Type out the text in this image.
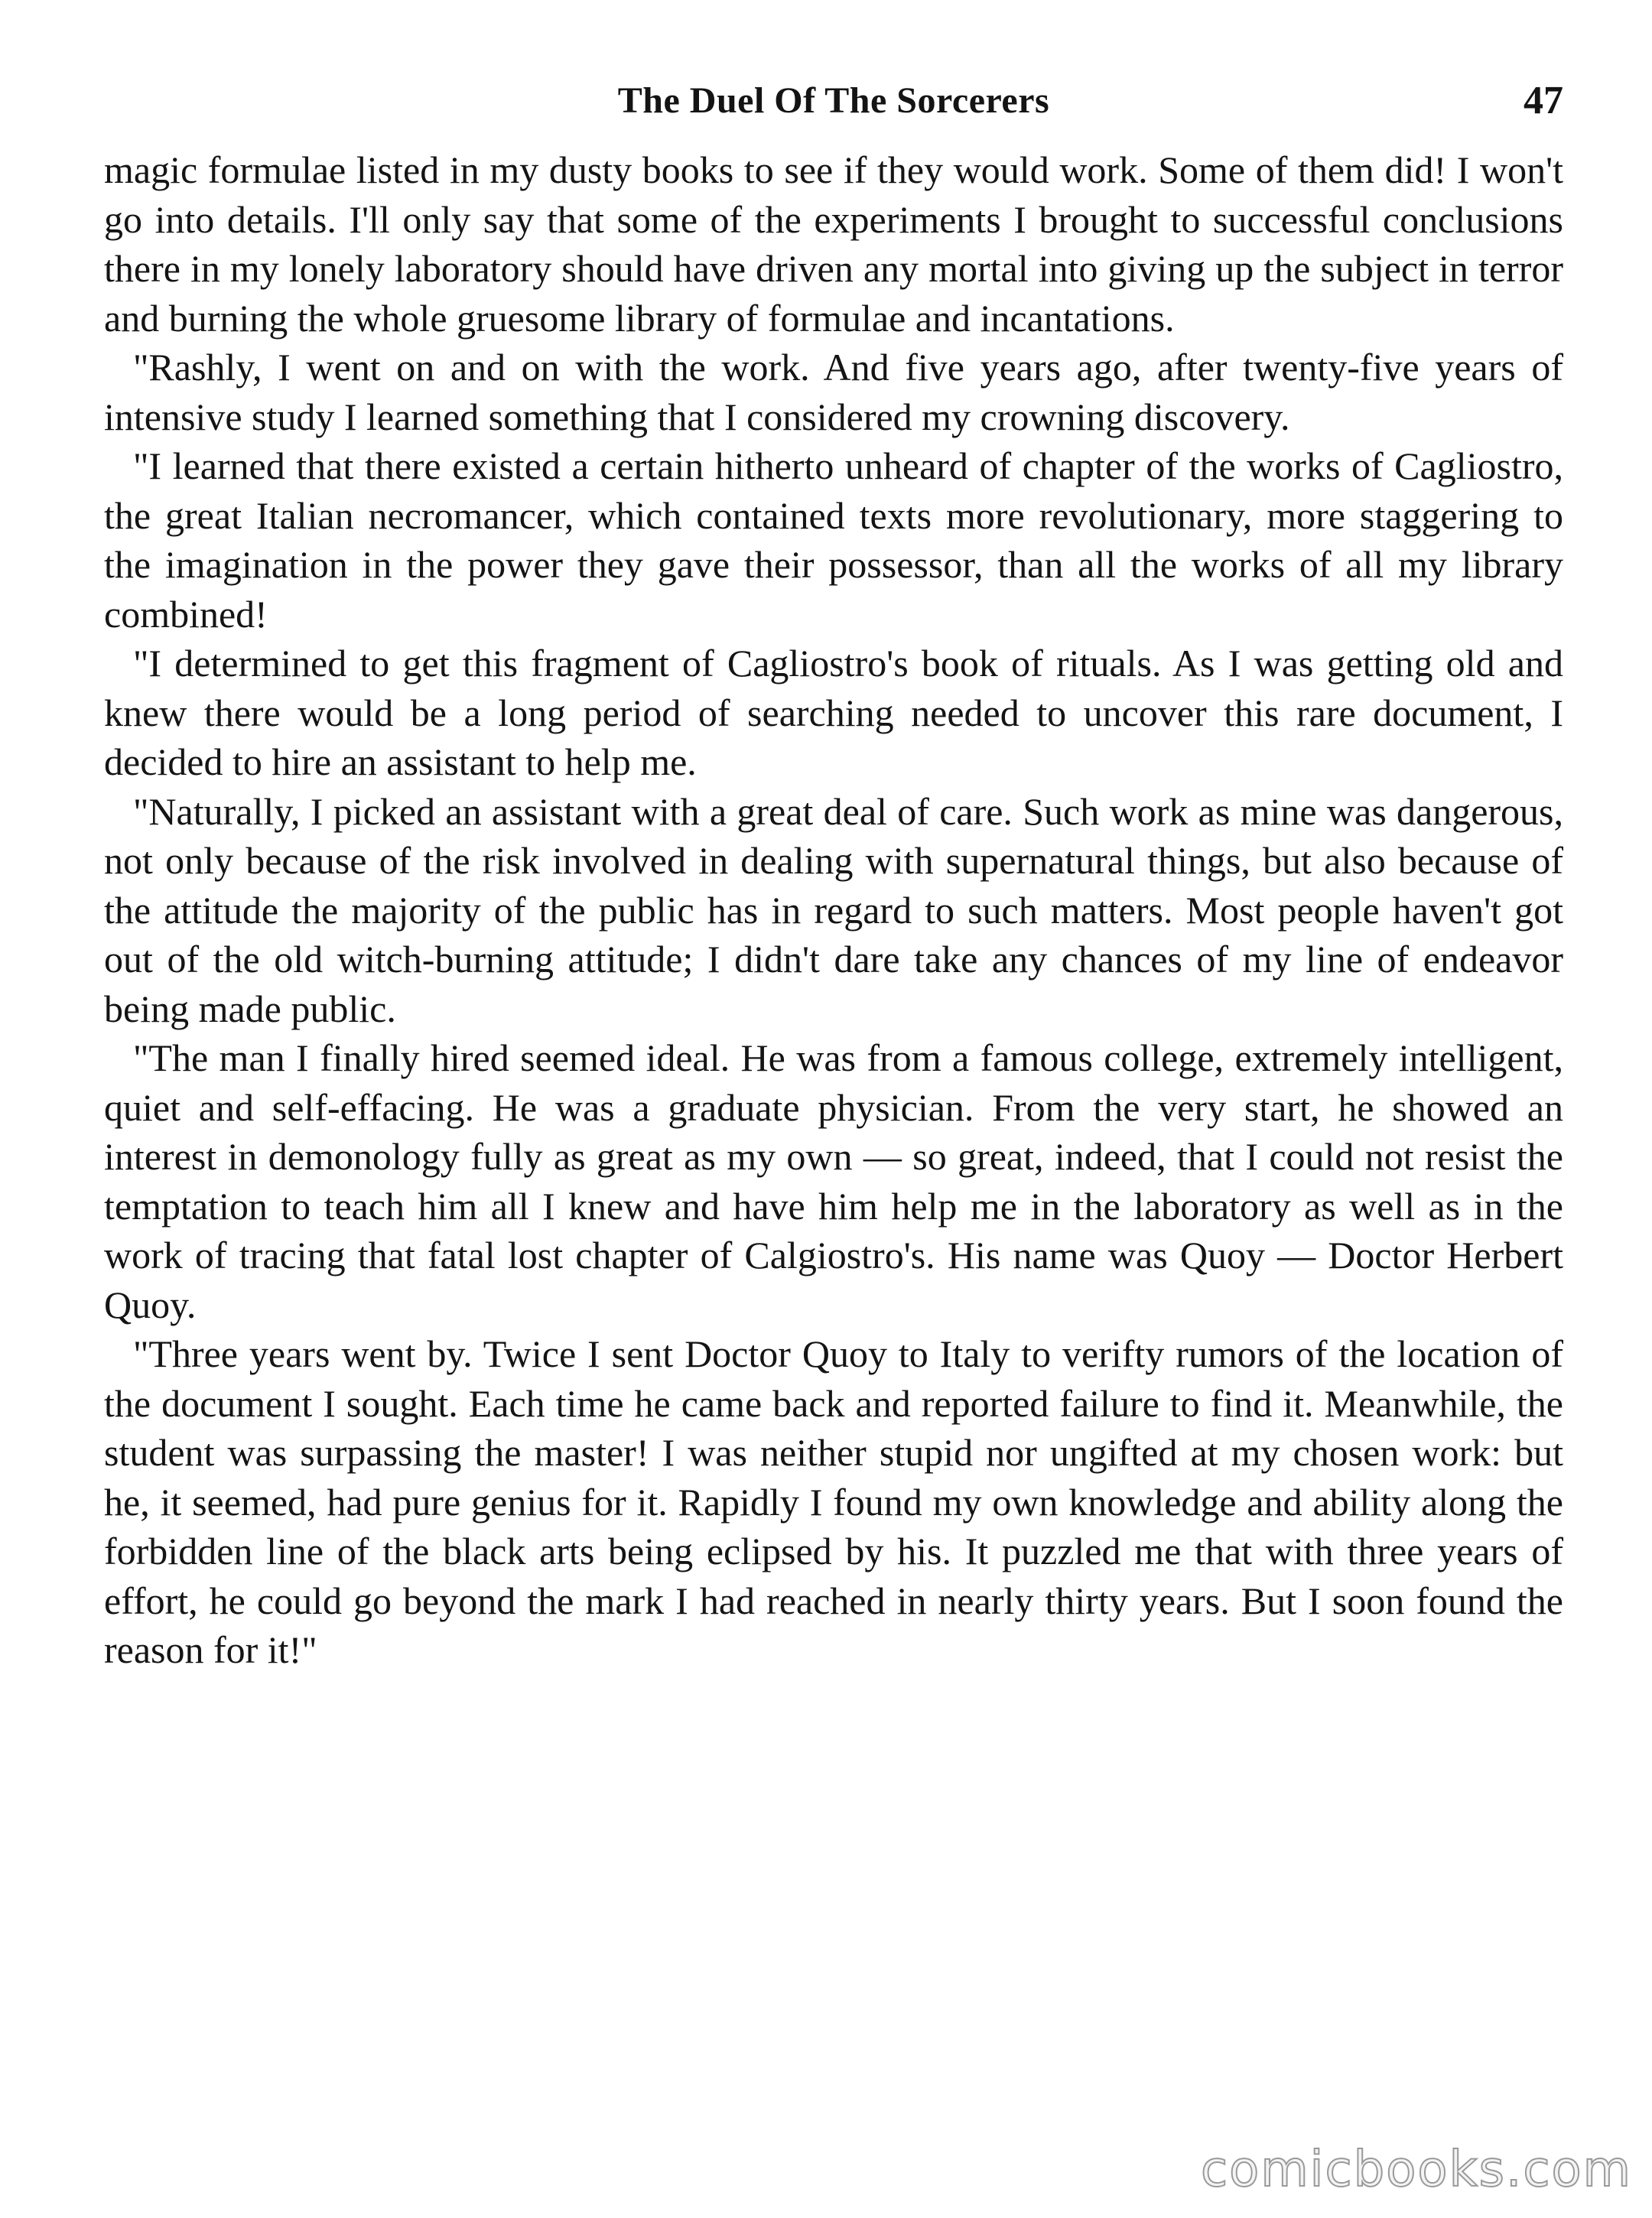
The Duel Of The Sorcerers	47

magic formulae listed in my dusty books to see if they would work. Some of them did! I won't go into details. I'll only say that some of the experiments I brought to successful conclusions there in my lonely laboratory should have driven any mortal into giving up the subject in terror and burning the whole gruesome library of formulae and incantations.

"Rashly, I went on and on with the work. And five years ago, after twenty-five years of intensive study I learned something that I considered my crowning discovery.

"I learned that there existed a certain hitherto unheard of chapter of the works of Cagliostro, the great Italian necromancer, which contained texts more revolutionary, more staggering to the imagination in the power they gave their possessor, than all the works of all my library combined!

"I determined to get this fragment of Cagliostro's book of rituals. As I was getting old and knew there would be a long period of searching needed to uncover this rare document, I decided to hire an assistant to help me.

"Naturally, I picked an assistant with a great deal of care. Such work as mine was dangerous, not only because of the risk involved in dealing with supernatural things, but also because of the attitude the majority of the public has in regard to such matters. Most people haven't got out of the old witch-burning attitude; I didn't dare take any chances of my line of endeavor being made public.

"The man I finally hired seemed ideal. He was from a famous college, extremely intelligent, quiet and self-effacing. He was a graduate physician. From the very start, he showed an interest in demonology fully as great as my own — so great, indeed, that I could not resist the temptation to teach him all I knew and have him help me in the laboratory as well as in the work of tracing that fatal lost chapter of Calgiostro's. His name was Quoy — Doctor Herbert Quoy.

"Three years went by. Twice I sent Doctor Quoy to Italy to verifty rumors of the location of the document I sought. Each time he came back and reported failure to find it. Meanwhile, the student was surpassing the master! I was neither stupid nor ungifted at my chosen work: but he, it seemed, had pure genius for it. Rapidly I found my own knowledge and ability along the forbidden line of the black arts being eclipsed by his. It puzzled me that with three years of effort, he could go beyond the mark I had reached in nearly thirty years. But I soon found the reason for it!"

comicbooks.com
